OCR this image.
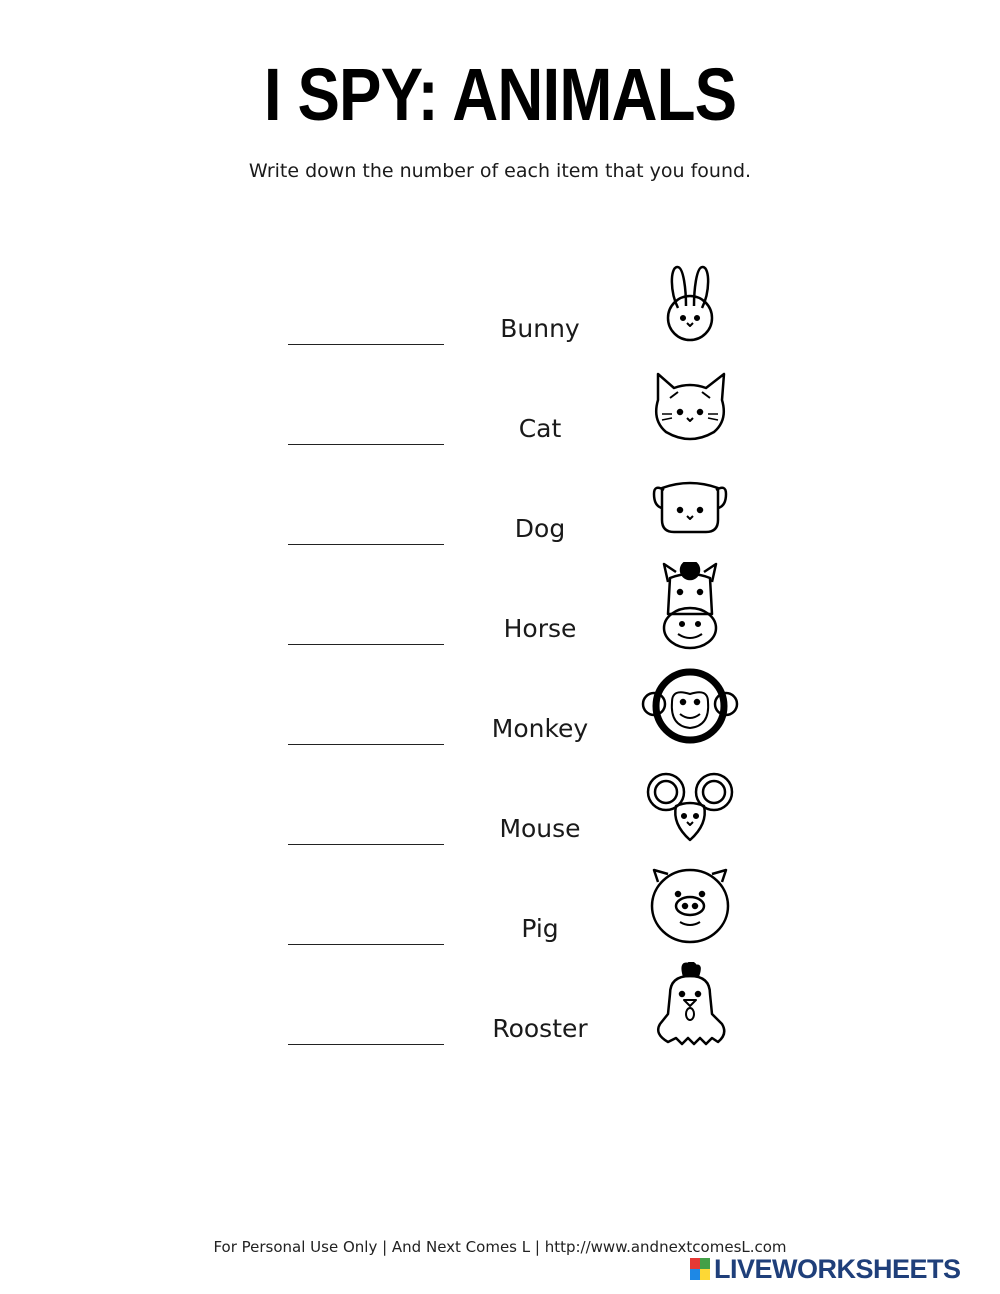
I SPY: ANIMALS
Write down the number of each item that you found.
Bunny
Cat
Dog
Horse
Monkey
Mouse
Pig
Rooster
For Personal Use Only | And Next Comes L | http://www.andnextcomesL.com
LIVEWORKSHEETS
